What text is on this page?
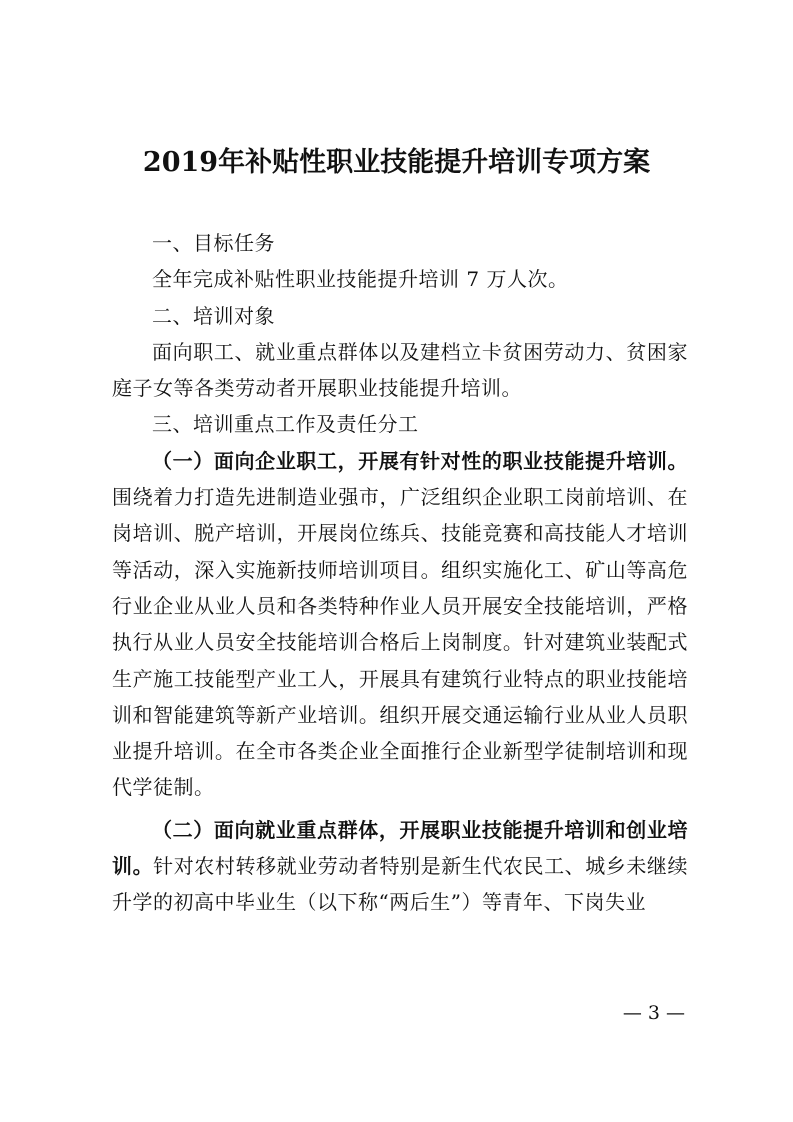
2019年补贴性职业技能提升培训专项方案

一、目标任务

全年完成补贴性职业技能提升培训 7 万人次。

二、培训对象

面向职工、就业重点群体以及建档立卡贫困劳动力、贫困家庭子女等各类劳动者开展职业技能提升培训。

三、培训重点工作及责任分工

（一）面向企业职工，开展有针对性的职业技能提升培训。围绕着力打造先进制造业强市，广泛组织企业职工岗前培训、在岗培训、脱产培训，开展岗位练兵、技能竞赛和高技能人才培训等活动，深入实施新技师培训项目。组织实施化工、矿山等高危行业企业从业人员和各类特种作业人员开展安全技能培训，严格执行从业人员安全技能培训合格后上岗制度。针对建筑业装配式生产施工技能型产业工人，开展具有建筑行业特点的职业技能培训和智能建筑等新产业培训。组织开展交通运输行业从业人员职业提升培训。在全市各类企业全面推行企业新型学徒制培训和现代学徒制。

（二）面向就业重点群体，开展职业技能提升培训和创业培训。针对农村转移就业劳动者特别是新生代农民工、城乡未继续升学的初高中毕业生（以下称“两后生”）等青年、下岗失业

— 3 —
